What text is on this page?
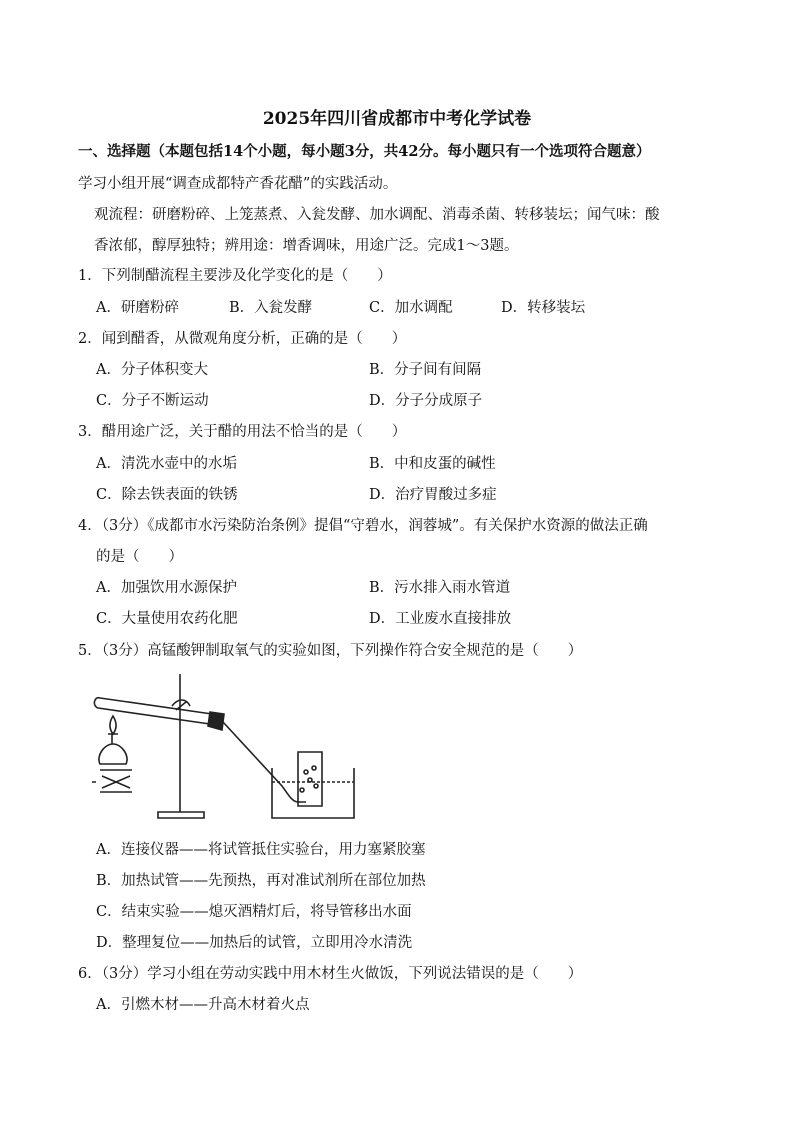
2025年四川省成都市中考化学试卷
一、选择题（本题包括14个小题，每小题3分，共42分。每小题只有一个选项符合题意）
学习小组开展“调查成都特产香花醋”的实践活动。
观流程：研磨粉碎、上笼蒸煮、入瓮发酵、加水调配、消毒杀菌、转移装坛；闻气味：酸
香浓郁，醇厚独特；辨用途：增香调味，用途广泛。完成1～3题。
1．下列制醋流程主要涉及化学变化的是（　　）
A．研磨粉碎	B．入瓮发酵	C．加水调配	D．转移装坛
2．闻到醋香，从微观角度分析，正确的是（　　）
A．分子体积变大	B．分子间有间隔
C．分子不断运动	D．分子分成原子
3．醋用途广泛，关于醋的用法不恰当的是（　　）
A．清洗水壶中的水垢	B．中和皮蛋的碱性
C．除去铁表面的铁锈	D．治疗胃酸过多症
4．（3分）《成都市水污染防治条例》提倡“守碧水，润蓉城”。有关保护水资源的做法正确
的是（　　）
A．加强饮用水源保护	B．污水排入雨水管道
C．大量使用农药化肥	D．工业废水直接排放
5．（3分）高锰酸钾制取氧气的实验如图，下列操作符合安全规范的是（　　）
A．连接仪器——将试管抵住实验台，用力塞紧胶塞
B．加热试管——先预热，再对准试剂所在部位加热
C．结束实验——熄灭酒精灯后，将导管移出水面
D．整理复位——加热后的试管，立即用冷水清洗
6．（3分）学习小组在劳动实践中用木材生火做饭，下列说法错误的是（　　）
A．引燃木材——升高木材着火点
